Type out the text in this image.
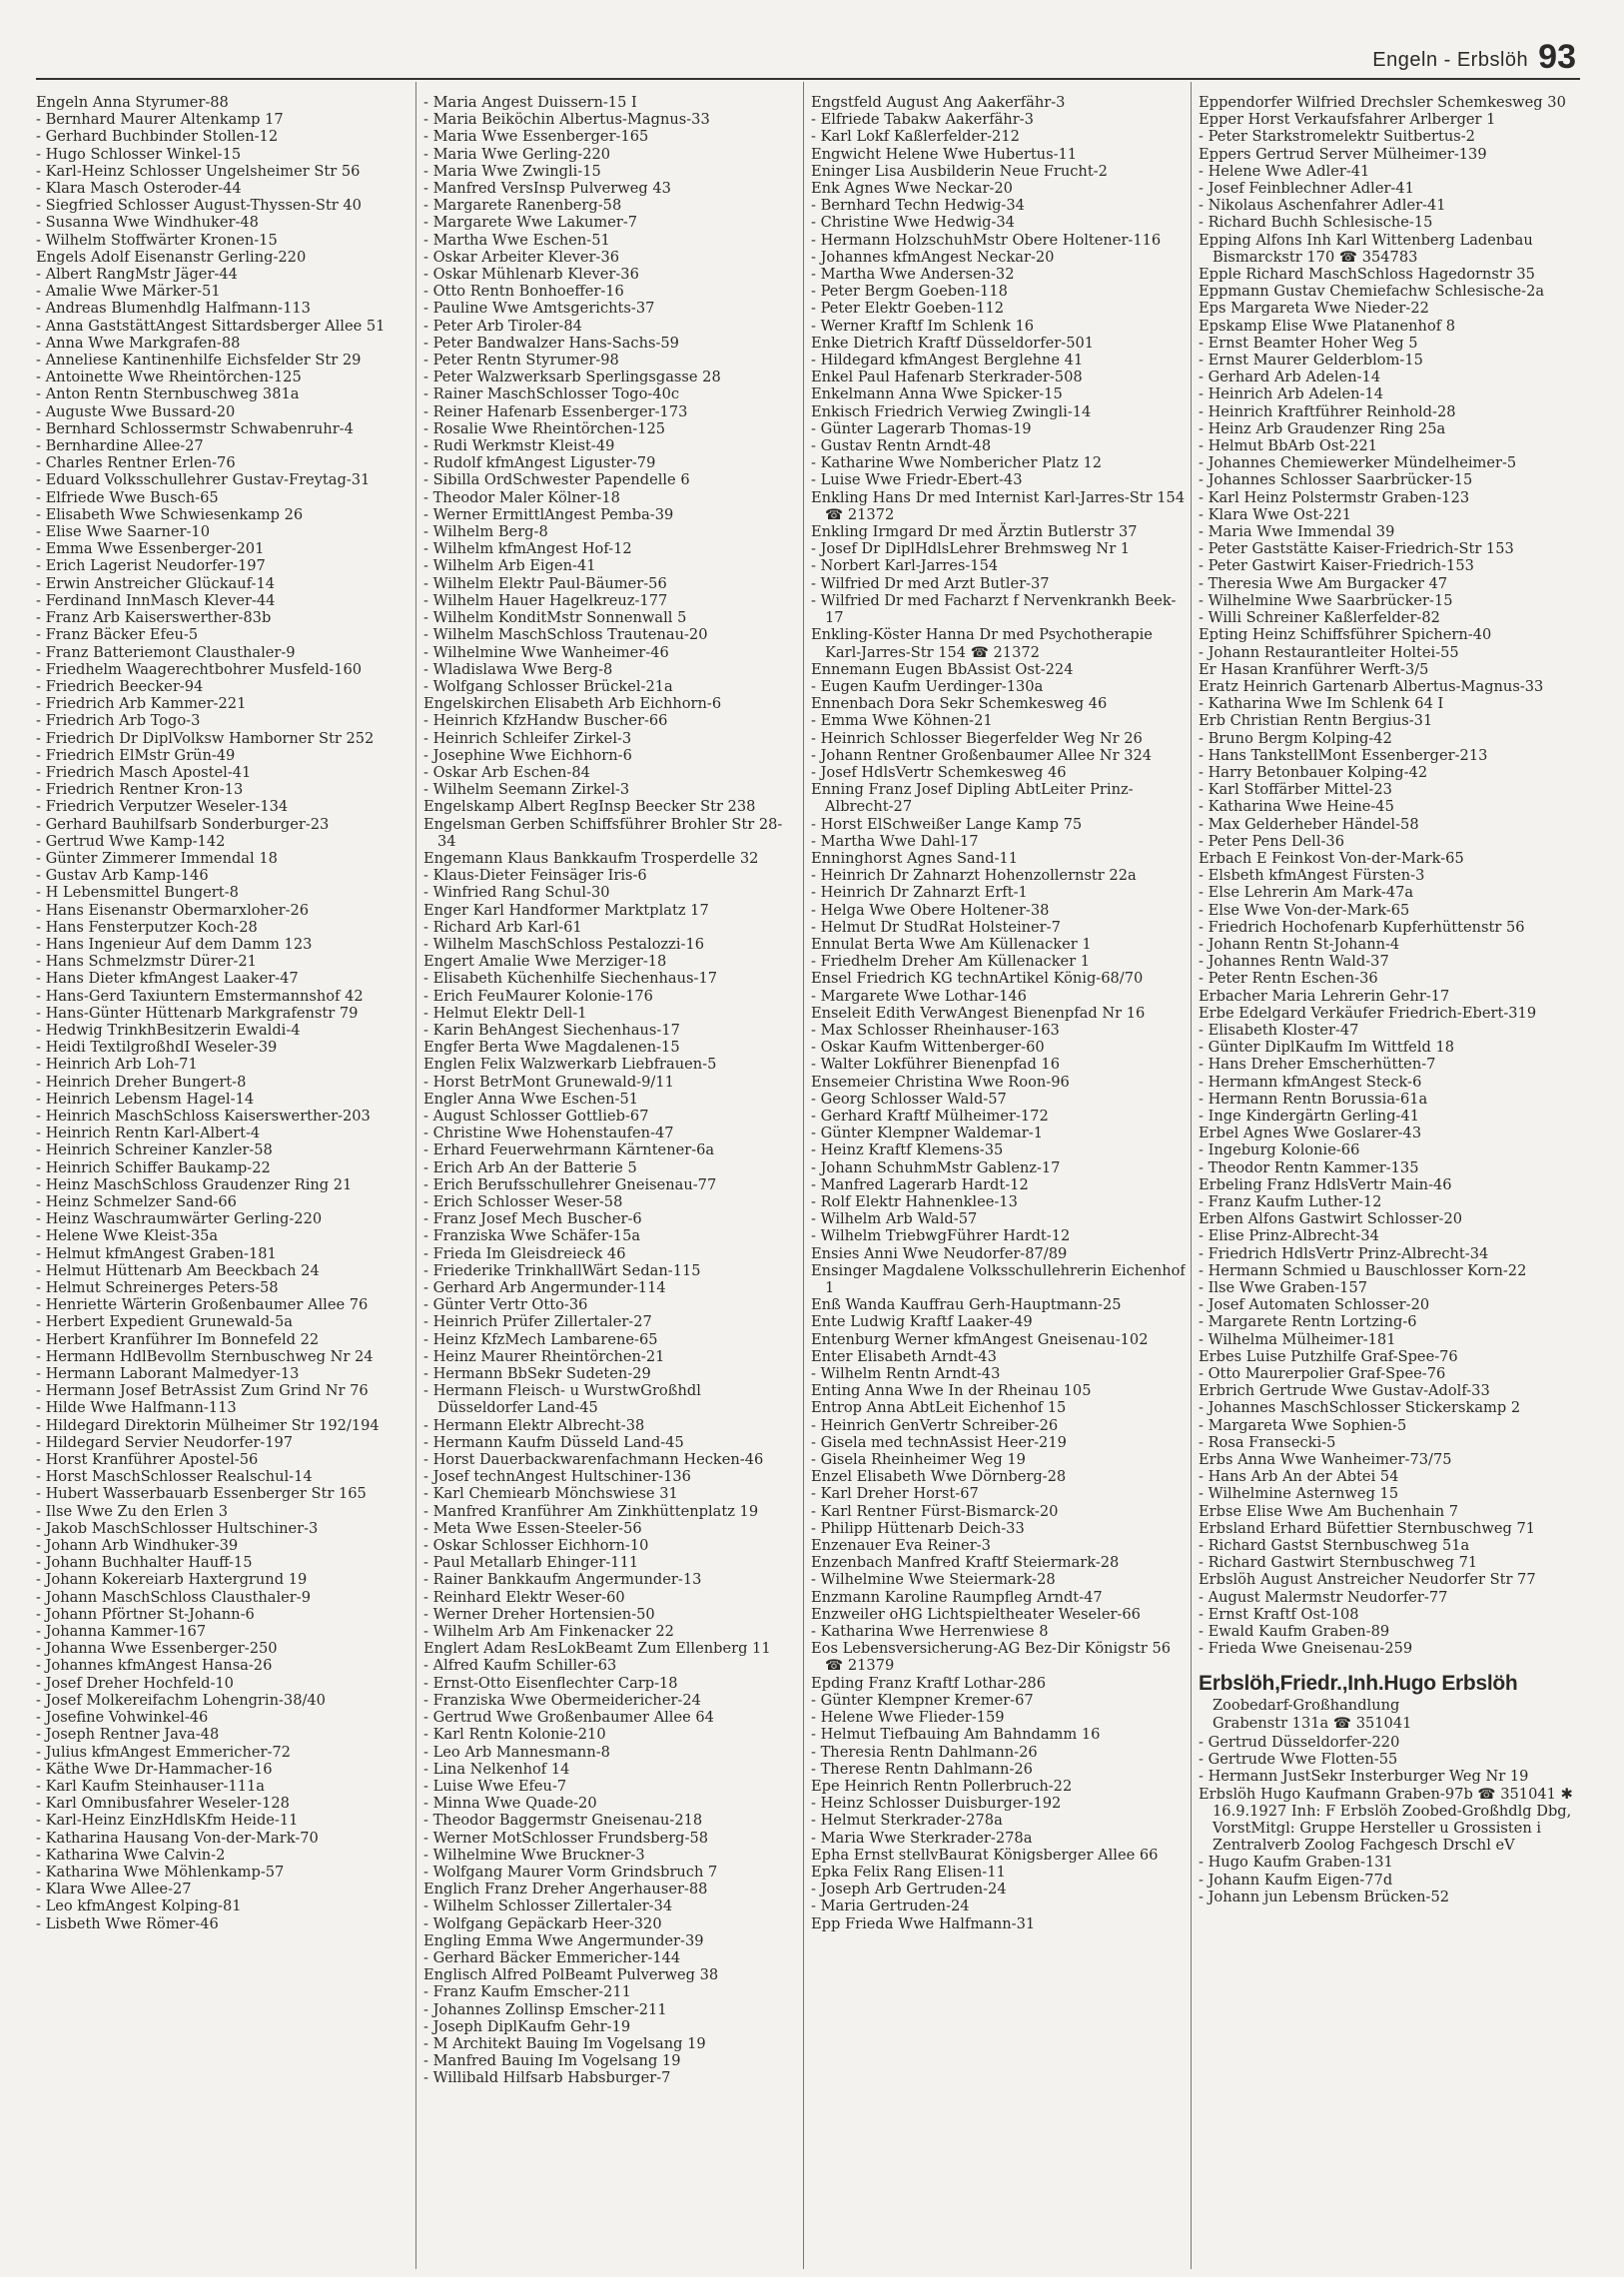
Engeln - Erbslöh 93

Engeln Anna Styrumer-88

- Bernhard Maurer Altenkamp 17

- Gerhard Buchbinder Stollen-12

- Hugo Schlosser Winkel-15

- Karl-Heinz Schlosser Ungelsheimer Str 56

- Klara Masch Osteroder-44

- Siegfried Schlosser August-Thyssen-Str 40

- Susanna Wwe Windhuker-48

- Wilhelm Stoffwärter Kronen-15

Engels Adolf Eisenanstr Gerling-220

- Albert RangMstr Jäger-44

- Amalie Wwe Märker-51

- Andreas Blumenhdlg Halfmann-113

- Anna GaststättAngest Sittardsberger Allee 51

- Anna Wwe Markgrafen-88

- Anneliese Kantinenhilfe Eichsfelder Str 29

- Antoinette Wwe Rheintörchen-125

- Anton Rentn Sternbuschweg 381a

- Auguste Wwe Bussard-20

- Bernhard Schlossermstr Schwabenruhr-4

- Bernhardine Allee-27

- Charles Rentner Erlen-76

- Eduard Volksschullehrer Gustav-Freytag-31

- Elfriede Wwe Busch-65

- Elisabeth Wwe Schwiesenkamp 26

- Elise Wwe Saarner-10

- Emma Wwe Essenberger-201

- Erich Lagerist Neudorfer-197

- Erwin Anstreicher Glückauf-14

- Ferdinand InnMasch Klever-44

- Franz Arb Kaiserswerther-83b

- Franz Bäcker Efeu-5

- Franz Batteriemont Clausthaler-9

- Friedhelm Waagerechtbohrer Musfeld-160

- Friedrich Beecker-94

- Friedrich Arb Kammer-221

- Friedrich Arb Togo-3

- Friedrich Dr DiplVolksw Hamborner Str 252

- Friedrich ElMstr Grün-49

- Friedrich Masch Apostel-41

- Friedrich Rentner Kron-13

- Friedrich Verputzer Weseler-134

- Gerhard Bauhilfsarb Sonderburger-23

- Gertrud Wwe Kamp-142

- Günter Zimmerer Immendal 18

- Gustav Arb Kamp-146

- H Lebensmittel Bungert-8

- Hans Eisenanstr Obermarxloher-26

- Hans Fensterputzer Koch-28

- Hans Ingenieur Auf dem Damm 123

- Hans Schmelzmstr Dürer-21

- Hans Dieter kfmAngest Laaker-47

- Hans-Gerd Taxiuntern Emstermannshof 42

- Hans-Günter Hüttenarb Markgrafenstr 79

- Hedwig TrinkhBesitzerin Ewaldi-4

- Heidi TextilgroßhdI Weseler-39

- Heinrich Arb Loh-71

- Heinrich Dreher Bungert-8

- Heinrich Lebensm Hagel-14

- Heinrich MaschSchloss Kaiserswerther-203

- Heinrich Rentn Karl-Albert-4

- Heinrich Schreiner Kanzler-58

- Heinrich Schiffer Baukamp-22

- Heinz MaschSchloss Graudenzer Ring 21

- Heinz Schmelzer Sand-66

- Heinz Waschraumwärter Gerling-220

- Helene Wwe Kleist-35a

- Helmut kfmAngest Graben-181

- Helmut Hüttenarb Am Beeckbach 24

- Helmut Schreinerges Peters-58

- Henriette Wärterin Großenbaumer Allee 76

- Herbert Expedient Grunewald-5a

- Herbert Kranführer Im Bonnefeld 22

- Hermann HdlBevollm Sternbuschweg Nr 24

- Hermann Laborant Malmedyer-13

- Hermann Josef BetrAssist Zum Grind Nr 76

- Hilde Wwe Halfmann-113

- Hildegard Direktorin Mülheimer Str 192/194

- Hildegard Servier Neudorfer-197

- Horst Kranführer Apostel-56

- Horst MaschSchlosser Realschul-14

- Hubert Wasserbauarb Essenberger Str 165

- Ilse Wwe Zu den Erlen 3

- Jakob MaschSchlosser Hultschiner-3

- Johann Arb Windhuker-39

- Johann Buchhalter Hauff-15

- Johann Kokereiarb Haxtergrund 19

- Johann MaschSchloss Clausthaler-9

- Johann Pförtner St-Johann-6

- Johanna Kammer-167

- Johanna Wwe Essenberger-250

- Johannes kfmAngest Hansa-26

- Josef Dreher Hochfeld-10

- Josef Molkereifachm Lohengrin-38/40

- Josefine Vohwinkel-46

- Joseph Rentner Java-48

- Julius kfmAngest Emmericher-72

- Käthe Wwe Dr-Hammacher-16

- Karl Kaufm Steinhauser-111a

- Karl Omnibusfahrer Weseler-128

- Karl-Heinz EinzHdlsKfm Heide-11

- Katharina Hausang Von-der-Mark-70

- Katharina Wwe Calvin-2

- Katharina Wwe Möhlenkamp-57

- Klara Wwe Allee-27

- Leo kfmAngest Kolping-81

- Lisbeth Wwe Römer-46

- Maria Angest Duissern-15 I

- Maria Beiköchin Albertus-Magnus-33

- Maria Wwe Essenberger-165

- Maria Wwe Gerling-220

- Maria Wwe Zwingli-15

- Manfred VersInsp Pulverweg 43

- Margarete Ranenberg-58

- Margarete Wwe Lakumer-7

- Martha Wwe Eschen-51

- Oskar Arbeiter Klever-36

- Oskar Mühlenarb Klever-36

- Otto Rentn Bonhoeffer-16

- Pauline Wwe Amtsgerichts-37

- Peter Arb Tiroler-84

- Peter Bandwalzer Hans-Sachs-59

- Peter Rentn Styrumer-98

- Peter Walzwerksarb Sperlingsgasse 28

- Rainer MaschSchlosser Togo-40c

- Reiner Hafenarb Essenberger-173

- Rosalie Wwe Rheintörchen-125

- Rudi Werkmstr Kleist-49

- Rudolf kfmAngest Liguster-79

- Sibilla OrdSchwester Papendelle 6

- Theodor Maler Kölner-18

- Werner ErmittlAngest Pemba-39

- Wilhelm Berg-8

- Wilhelm kfmAngest Hof-12

- Wilhelm Arb Eigen-41

- Wilhelm Elektr Paul-Bäumer-56

- Wilhelm Hauer Hagelkreuz-177

- Wilhelm KonditMstr Sonnenwall 5

- Wilhelm MaschSchloss Trautenau-20

- Wilhelmine Wwe Wanheimer-46

- Wladislawa Wwe Berg-8

- Wolfgang Schlosser Brückel-21a

Engelskirchen Elisabeth Arb Eichhorn-6

- Heinrich KfzHandw Buscher-66

- Heinrich Schleifer Zirkel-3

- Josephine Wwe Eichhorn-6

- Oskar Arb Eschen-84

- Wilhelm Seemann Zirkel-3

Engelskamp Albert RegInsp Beecker Str 238

Engelsman Gerben Schiffsführer Brohler Str 28-34

Engemann Klaus Bankkaufm Trosperdelle 32

- Klaus-Dieter Feinsäger Iris-6

- Winfried Rang Schul-30

Enger Karl Handformer Marktplatz 17

- Richard Arb Karl-61

- Wilhelm MaschSchloss Pestalozzi-16

Engert Amalie Wwe Merziger-18

- Elisabeth Küchenhilfe Siechenhaus-17

- Erich FeuMaurer Kolonie-176

- Helmut Elektr Dell-1

- Karin BehAngest Siechenhaus-17

Engfer Berta Wwe Magdalenen-15

Englen Felix Walzwerkarb Liebfrauen-5

- Horst BetrMont Grunewald-9/11

Engler Anna Wwe Eschen-51

- August Schlosser Gottlieb-67

- Christine Wwe Hohenstaufen-47

- Erhard Feuerwehrmann Kärntener-6a

- Erich Arb An der Batterie 5

- Erich Berufsschullehrer Gneisenau-77

- Erich Schlosser Weser-58

- Franz Josef Mech Buscher-6

- Franziska Wwe Schäfer-15a

- Frieda Im Gleisdreieck 46

- Friederike TrinkhallWärt Sedan-115

- Gerhard Arb Angermunder-114

- Günter Vertr Otto-36

- Heinrich Prüfer Zillertaler-27

- Heinz KfzMech Lambarene-65

- Heinz Maurer Rheintörchen-21

- Hermann BbSekr Sudeten-29

- Hermann Fleisch- u WurstwGroßhdl Düsseldorfer Land-45

- Hermann Elektr Albrecht-38

- Hermann Kaufm Düsseld Land-45

- Horst Dauerbackwarenfachmann Hecken-46

- Josef technAngest Hultschiner-136

- Karl Chemiearb Mönchswiese 31

- Manfred Kranführer Am Zinkhüttenplatz 19

- Meta Wwe Essen-Steeler-56

- Oskar Schlosser Eichhorn-10

- Paul Metallarb Ehinger-111

- Rainer Bankkaufm Angermunder-13

- Reinhard Elektr Weser-60

- Werner Dreher Hortensien-50

- Wilhelm Arb Am Finkenacker 22

Englert Adam ResLokBeamt Zum Ellenberg 11

- Alfred Kaufm Schiller-63

- Ernst-Otto Eisenflechter Carp-18

- Franziska Wwe Obermeidericher-24

- Gertrud Wwe Großenbaumer Allee 64

- Karl Rentn Kolonie-210

- Leo Arb Mannesmann-8

- Lina Nelkenhof 14

- Luise Wwe Efeu-7

- Minna Wwe Quade-20

- Theodor Baggermstr Gneisenau-218

- Werner MotSchlosser Frundsberg-58

- Wilhelmine Wwe Bruckner-3

- Wolfgang Maurer Vorm Grindsbruch 7

Englich Franz Dreher Angerhauser-88

- Wilhelm Schlosser Zillertaler-34

- Wolfgang Gepäckarb Heer-320

Engling Emma Wwe Angermunder-39

- Gerhard Bäcker Emmericher-144

Englisch Alfred PolBeamt Pulverweg 38

- Franz Kaufm Emscher-211

- Johannes Zollinsp Emscher-211

- Joseph DiplKaufm Gehr-19

- M Architekt Bauing Im Vogelsang 19

- Manfred Bauing Im Vogelsang 19

- Willibald Hilfsarb Habsburger-7

Engstfeld August Ang Aakerfähr-3

- Elfriede Tabakw Aakerfähr-3

- Karl Lokf Kaßlerfelder-212

Engwicht Helene Wwe Hubertus-11

Eninger Lisa Ausbilderin Neue Frucht-2

Enk Agnes Wwe Neckar-20

- Bernhard Techn Hedwig-34

- Christine Wwe Hedwig-34

- Hermann HolzschuhMstr Obere Holtener-116

- Johannes kfmAngest Neckar-20

- Martha Wwe Andersen-32

- Peter Bergm Goeben-118

- Peter Elektr Goeben-112

- Werner Kraftf Im Schlenk 16

Enke Dietrich Kraftf Düsseldorfer-501

- Hildegard kfmAngest Berglehne 41

Enkel Paul Hafenarb Sterkrader-508

Enkelmann Anna Wwe Spicker-15

Enkisch Friedrich Verwieg Zwingli-14

- Günter Lagerarb Thomas-19

- Gustav Rentn Arndt-48

- Katharine Wwe Nombericher Platz 12

- Luise Wwe Friedr-Ebert-43

Enkling Hans Dr med Internist Karl-Jarres-Str 154 ☎ 21372

Enkling Irmgard Dr med Ärztin Butlerstr 37

- Josef Dr DiplHdlsLehrer Brehmsweg Nr 1

- Norbert Karl-Jarres-154

- Wilfried Dr med Arzt Butler-37

- Wilfried Dr med Facharzt f Nervenkrankh Beek-17

Enkling-Köster Hanna Dr med Psychotherapie Karl-Jarres-Str 154 ☎ 21372

Ennemann Eugen BbAssist Ost-224

- Eugen Kaufm Uerdinger-130a

Ennenbach Dora Sekr Schemkesweg 46

- Emma Wwe Köhnen-21

- Heinrich Schlosser Biegerfelder Weg Nr 26

- Johann Rentner Großenbaumer Allee Nr 324

- Josef HdlsVertr Schemkesweg 46

Enning Franz Josef Dipling AbtLeiter Prinz-Albrecht-27

- Horst ElSchweißer Lange Kamp 75

- Martha Wwe Dahl-17

Enninghorst Agnes Sand-11

- Heinrich Dr Zahnarzt Hohenzollernstr 22a

- Heinrich Dr Zahnarzt Erft-1

- Helga Wwe Obere Holtener-38

- Helmut Dr StudRat Holsteiner-7

Ennulat Berta Wwe Am Küllenacker 1

- Friedhelm Dreher Am Küllenacker 1

Ensel Friedrich KG technArtikel König-68/70

- Margarete Wwe Lothar-146

Enseleit Edith VerwAngest Bienenpfad Nr 16

- Max Schlosser Rheinhauser-163

- Oskar Kaufm Wittenberger-60

- Walter Lokführer Bienenpfad 16

Ensemeier Christina Wwe Roon-96

- Georg Schlosser Wald-57

- Gerhard Kraftf Mülheimer-172

- Günter Klempner Waldemar-1

- Heinz Kraftf Klemens-35

- Johann SchuhmMstr Gablenz-17

- Manfred Lagerarb Hardt-12

- Rolf Elektr Hahnenklee-13

- Wilhelm Arb Wald-57

- Wilhelm TriebwgFührer Hardt-12

Ensies Anni Wwe Neudorfer-87/89

Ensinger Magdalene Volksschullehrerin Eichenhof 1

Enß Wanda Kauffrau Gerh-Hauptmann-25

Ente Ludwig Kraftf Laaker-49

Entenburg Werner kfmAngest Gneisenau-102

Enter Elisabeth Arndt-43

- Wilhelm Rentn Arndt-43

Enting Anna Wwe In der Rheinau 105

Entrop Anna AbtLeit Eichenhof 15

- Heinrich GenVertr Schreiber-26

- Gisela med technAssist Heer-219

- Gisela Rheinheimer Weg 19

Enzel Elisabeth Wwe Dörnberg-28

- Karl Dreher Horst-67

- Karl Rentner Fürst-Bismarck-20

- Philipp Hüttenarb Deich-33

Enzenauer Eva Reiner-3

Enzenbach Manfred Kraftf Steiermark-28

- Wilhelmine Wwe Steiermark-28

Enzmann Karoline Raumpfleg Arndt-47

Enzweiler oHG Lichtspieltheater Weseler-66

- Katharina Wwe Herrenwiese 8

Eos Lebensversicherung-AG Bez-Dir Königstr 56 ☎ 21379

Epding Franz Kraftf Lothar-286

- Günter Klempner Kremer-67

- Helene Wwe Flieder-159

- Helmut Tiefbauing Am Bahndamm 16

- Theresia Rentn Dahlmann-26

- Therese Rentn Dahlmann-26

Epe Heinrich Rentn Pollerbruch-22

- Heinz Schlosser Duisburger-192

- Helmut Sterkrader-278a

- Maria Wwe Sterkrader-278a

Epha Ernst stellvBaurat Königsberger Allee 66

Epka Felix Rang Elisen-11

- Joseph Arb Gertruden-24

- Maria Gertruden-24

Epp Frieda Wwe Halfmann-31

Eppendorfer Wilfried Drechsler Schemkesweg 30

Epper Horst Verkaufsfahrer Arlberger 1

- Peter Starkstromelektr Suitbertus-2

Eppers Gertrud Server Mülheimer-139

- Helene Wwe Adler-41

- Josef Feinblechner Adler-41

- Nikolaus Aschenfahrer Adler-41

- Richard Buchh Schlesische-15

Epping Alfons Inh Karl Wittenberg Ladenbau Bismarckstr 170 ☎ 354783

Epple Richard MaschSchloss Hagedornstr 35

Eppmann Gustav Chemiefachw Schlesische-2a

Eps Margareta Wwe Nieder-22

Epskamp Elise Wwe Platanenhof 8

- Ernst Beamter Hoher Weg 5

- Ernst Maurer Gelderblom-15

- Gerhard Arb Adelen-14

- Heinrich Arb Adelen-14

- Heinrich Kraftführer Reinhold-28

- Heinz Arb Graudenzer Ring 25a

- Helmut BbArb Ost-221

- Johannes Chemiewerker Mündelheimer-5

- Johannes Schlosser Saarbrücker-15

- Karl Heinz Polstermstr Graben-123

- Klara Wwe Ost-221

- Maria Wwe Immendal 39

- Peter Gaststätte Kaiser-Friedrich-Str 153

- Peter Gastwirt Kaiser-Friedrich-153

- Theresia Wwe Am Burgacker 47

- Wilhelmine Wwe Saarbrücker-15

- Willi Schreiner Kaßlerfelder-82

Epting Heinz Schiffsführer Spichern-40

- Johann Restaurantleiter Holtei-55

Er Hasan Kranführer Werft-3/5

Eratz Heinrich Gartenarb Albertus-Magnus-33

- Katharina Wwe Im Schlenk 64 I

Erb Christian Rentn Bergius-31

- Bruno Bergm Kolping-42

- Hans TankstellMont Essenberger-213

- Harry Betonbauer Kolping-42

- Karl Stoffärber Mittel-23

- Katharina Wwe Heine-45

- Max Gelderheber Händel-58

- Peter Pens Dell-36

Erbach E Feinkost Von-der-Mark-65

- Elsbeth kfmAngest Fürsten-3

- Else Lehrerin Am Mark-47a

- Else Wwe Von-der-Mark-65

- Friedrich Hochofenarb Kupferhüttenstr 56

- Johann Rentn St-Johann-4

- Johannes Rentn Wald-37

- Peter Rentn Eschen-36

Erbacher Maria Lehrerin Gehr-17

Erbe Edelgard Verkäufer Friedrich-Ebert-319

- Elisabeth Kloster-47

- Günter DiplKaufm Im Wittfeld 18

- Hans Dreher Emscherhütten-7

- Hermann kfmAngest Steck-6

- Hermann Rentn Borussia-61a

- Inge Kindergärtn Gerling-41

Erbel Agnes Wwe Goslarer-43

- Ingeburg Kolonie-66

- Theodor Rentn Kammer-135

Erbeling Franz HdlsVertr Main-46

- Franz Kaufm Luther-12

Erben Alfons Gastwirt Schlosser-20

- Elise Prinz-Albrecht-34

- Friedrich HdlsVertr Prinz-Albrecht-34

- Hermann Schmied u Bauschlosser Korn-22

- Ilse Wwe Graben-157

- Josef Automaten Schlosser-20

- Margarete Rentn Lortzing-6

- Wilhelma Mülheimer-181

Erbes Luise Putzhilfe Graf-Spee-76

- Otto Maurerpolier Graf-Spee-76

Erbrich Gertrude Wwe Gustav-Adolf-33

- Johannes MaschSchlosser Stickerskamp 2

- Margareta Wwe Sophien-5

- Rosa Fransecki-5

Erbs Anna Wwe Wanheimer-73/75

- Hans Arb An der Abtei 54

- Wilhelmine Asternweg 15

Erbse Elise Wwe Am Buchenhain 7

Erbsland Erhard Büfettier Sternbuschweg 71

- Richard Gastst Sternbuschweg 51a

- Richard Gastwirt Sternbuschweg 71

Erbslöh August Anstreicher Neudorfer Str 77

- August Malermstr Neudorfer-77

- Ernst Kraftf Ost-108

- Ewald Kaufm Graben-89

- Frieda Wwe Gneisenau-259

Erbslöh,Friedr.,Inh.Hugo Erbslöh
Zoobedarf-Großhandlung
Grabenstr 131a ☎ 351041

- Gertrud Düsseldorfer-220

- Gertrude Wwe Flotten-55

- Hermann JustSekr Insterburger Weg Nr 19

Erbslöh Hugo Kaufmann Graben-97b ☎ 351041 ✱ 16.9.1927 Inh: F Erbslöh Zoobed-Großhdlg Dbg, VorstMitgl: Gruppe Hersteller u Grossisten i Zentralverb Zoolog Fachgesch Drschl eV

- Hugo Kaufm Graben-131

- Johann Kaufm Eigen-77d

- Johann jun Lebensm Brücken-52
